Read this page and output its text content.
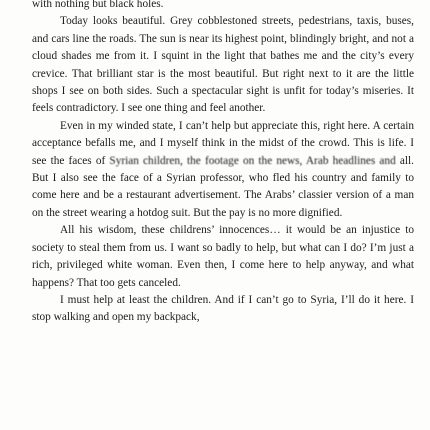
with nothing but black holes.

Today looks beautiful. Grey cobblestoned streets, pedestrians, taxis, buses, and cars line the roads. The sun is near its highest point, blindingly bright, and not a cloud shades me from it. I squint in the light that bathes me and the city’s every crevice. That brilliant star is the most beautiful. But right next to it are the little shops I see on both sides. Such a spectacular sight is unfit for today’s miseries. It feels contradictory. I see one thing and feel another.

Even in my winded state, I can’t help but appreciate this, right here. A certain acceptance befalls me, and I myself think in the midst of the crowd. This is life. I see the faces of Syrian children, the footage on the news, Arab headlines and all. But I also see the face of a Syrian professor, who fled his country and family to come here and be a restaurant advertisement. The Arabs’ classier version of a man on the street wearing a hotdog suit. But the pay is no more dignified.

All his wisdom, these childrens’ innocences… it would be an injustice to society to steal them from us. I want so badly to help, but what can I do? I’m just a rich, privileged white woman. Even then, I come here to help anyway, and what happens? That too gets canceled.

I must help at least the children. And if I can’t go to Syria, I’ll do it here. I stop walking and open my backpack,
